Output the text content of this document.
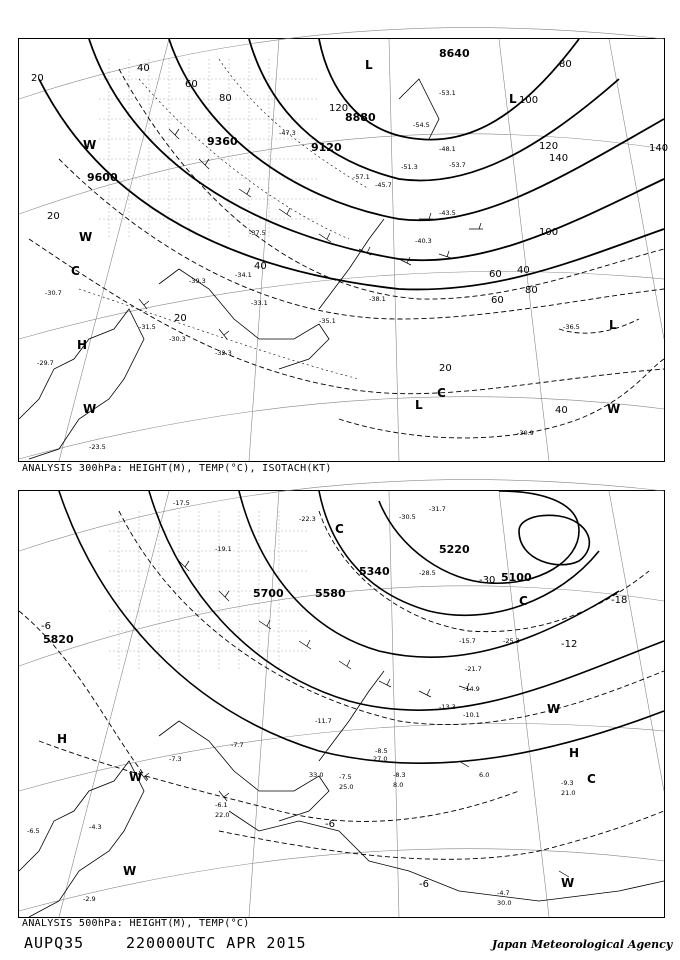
9600
9360	9120
8880
8640
20
40
60
80
100
120
140
20
40
60
80
100
120	140
20
40
60
80
40
20
H
L
L
W
W
C
C
W
L
W
L
-29.7
-30.7
-31.5
-30.3
-32.3
-33.1
-35.1
-34.1
-37.5
-38.1
-39.3
-40.3
-43.5
-45.7
-47.3
-48.1
-51.3	-53.7
-57.1
-53.1
-54.5
-23.5
-30.9
-36.5
ANALYSIS 300hPa: HEIGHT(M), TEMP(°C), ISOTACH(KT)
5820
5700	5580
5340
5220
5100
-6
-12
-18
-30
-6
-6
H
H
W
W
W	C
C
C
W
-2.9
-4.3
-6.5
-7.3
-7.5
-7.7
-8.3
-8.5
-9.3
-10.1
-11.7
-13.3
-14.9
-15.7
-17.5
-19.1
-21.7
-22.3
-25.3
-28.5
-30.5
-31.7
-4.7
-6.1
27.0
30.0
21.0
6.0
8.0
22.0
25.0
33.0
ANALYSIS 500hPa: HEIGHT(M), TEMP(°C)
AUPQ35	220000UTC APR 2015	Japan Meteorological Agency
